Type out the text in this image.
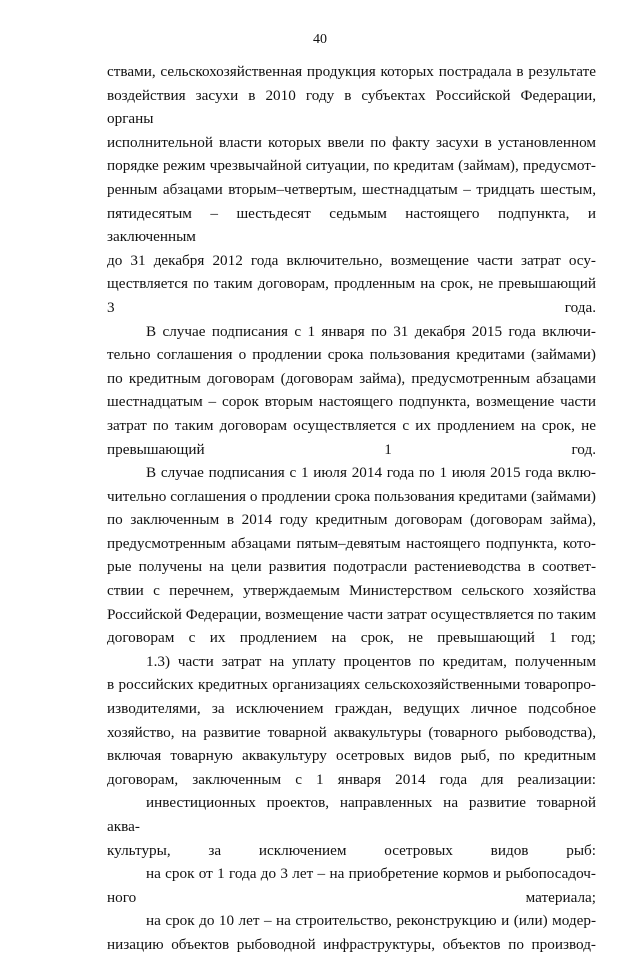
40

ствами, сельскохозяйственная продукция которых пострадала в результате
воздействия засухи в 2010 году в субъектах Российской Федерации, органы
исполнительной власти которых ввели по факту засухи в установленном
порядке режим чрезвычайной ситуации, по кредитам (займам), предусмот-
ренным абзацами вторым–четвертым, шестнадцатым – тридцать шестым,
пятидесятым – шестьдесят седьмым настоящего подпункта, и заключенным
до 31 декабря 2012 года включительно, возмещение части затрат осу-
ществляется по таким договорам, продленным на срок, не превышающий
3 года.

В случае подписания с 1 января по 31 декабря 2015 года включи-
тельно соглашения о продлении срока пользования кредитами (займами)
по кредитным договорам (договорам займа), предусмотренным абзацами
шестнадцатым – сорок вторым настоящего подпункта, возмещение части
затрат по таким договорам осуществляется с их продлением на срок, не
превышающий 1 год.

В случае подписания с 1 июля 2014 года по 1 июля 2015 года вклю-
чительно соглашения о продлении срока пользования кредитами (займами)
по заключенным в 2014 году кредитным договорам (договорам займа),
предусмотренным абзацами пятым–девятым настоящего подпункта, кото-
рые получены на цели развития подотрасли растениеводства в соответ-
ствии с перечнем, утверждаемым Министерством сельского хозяйства
Российской Федерации, возмещение части затрат осуществляется по таким
договорам с их продлением на срок, не превышающий 1 год;

1.3) части затрат на уплату процентов по кредитам, полученным
в российских кредитных организациях сельскохозяйственными товаропро-
изводителями, за исключением граждан, ведущих личное подсобное
хозяйство, на развитие товарной аквакультуры (товарного рыбоводства),
включая товарную аквакультуру осетровых видов рыб, по кредитным
договорам, заключенным с 1 января 2014 года для реализации:

инвестиционных проектов, направленных на развитие товарной аква-
культуры, за исключением осетровых видов рыб:

на срок от 1 года до 3 лет – на приобретение кормов и рыбопосадоч-
ного материала;

на срок до 10 лет – на строительство, реконструкцию и (или) модер-
низацию объектов рыбоводной инфраструктуры, объектов по производ-
